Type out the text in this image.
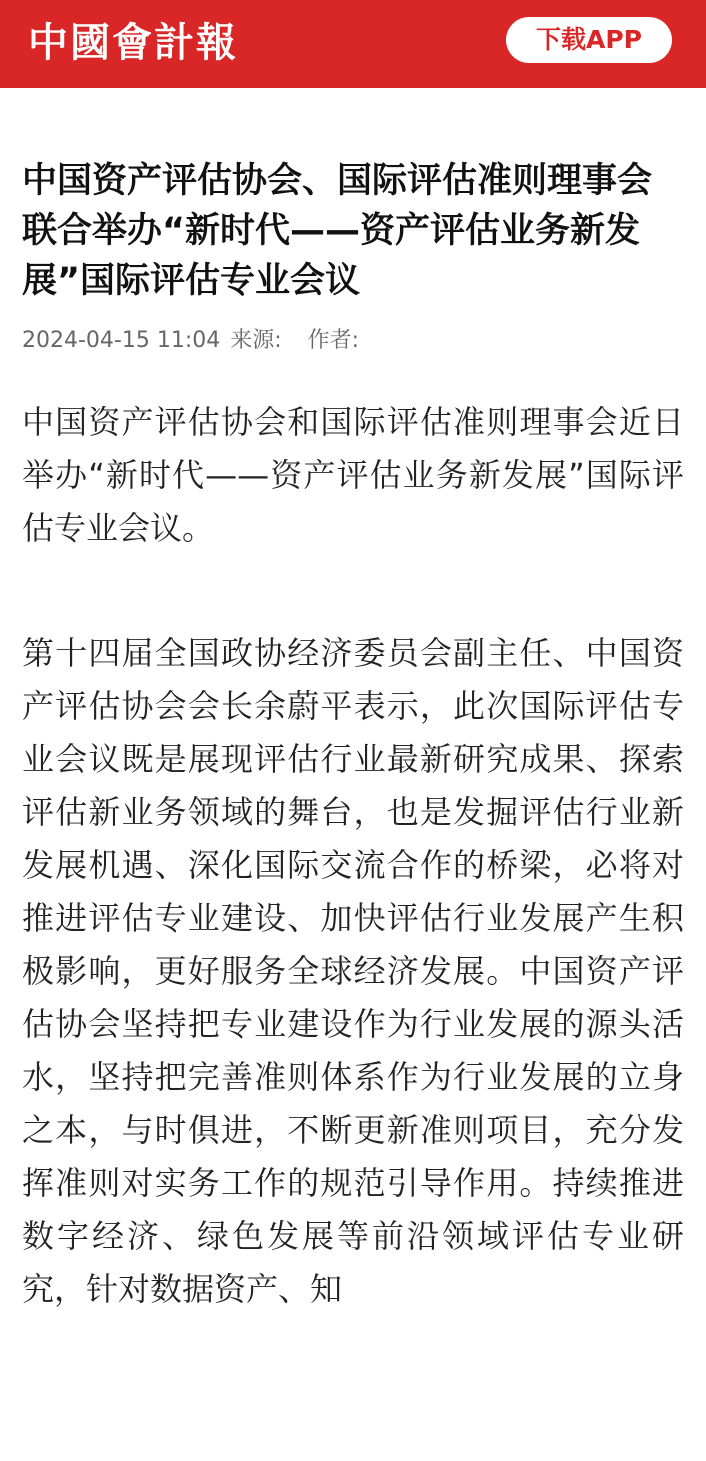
中國會計報	下载APP
中国资产评估协会、国际评估准则理事会联合举办“新时代——资产评估业务新发展”国际评估专业会议
2024-04-15 11:04 来源: 作者:

中国资产评估协会和国际评估准则理事会近日举办“新时代——资产评估业务新发展”国际评估专业会议。

第十四届全国政协经济委员会副主任、中国资产评估协会会长余蔚平表示，此次国际评估专业会议既是展现评估行业最新研究成果、探索评估新业务领域的舞台，也是发掘评估行业新发展机遇、深化国际交流合作的桥梁，必将对推进评估专业建设、加快评估行业发展产生积极影响，更好服务全球经济发展。中国资产评估协会坚持把专业建设作为行业发展的源头活水，坚持把完善准则体系作为行业发展的立身之本，与时俱进，不断更新准则项目，充分发挥准则对实务工作的规范引导作用。持续推进数字经济、绿色发展等前沿领域评估专业研究，针对数据资产、知
